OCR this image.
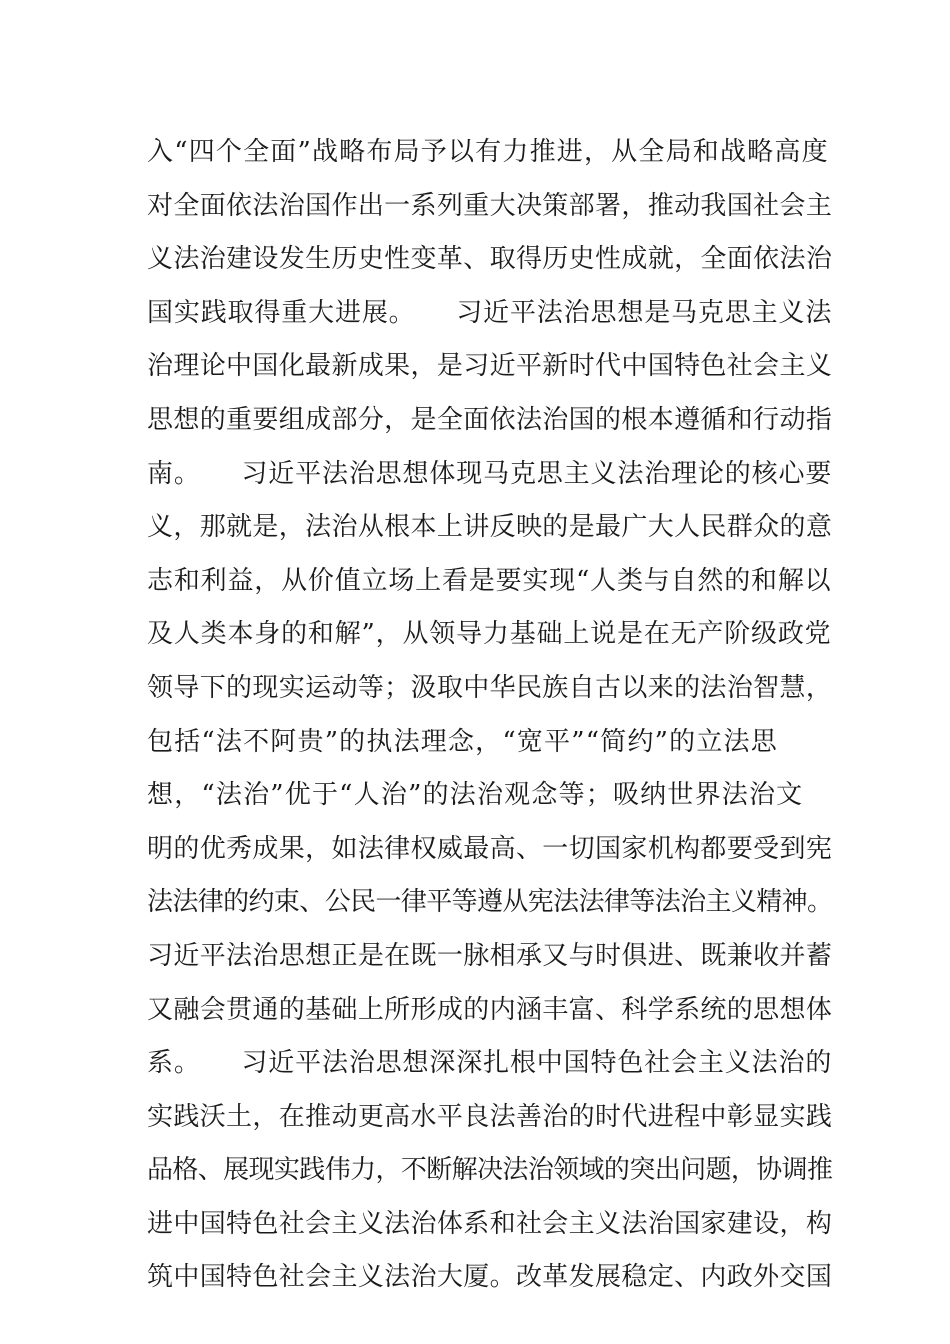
入“四个全面”战略布局予以有力推进，从全局和战略高度
对全面依法治国作出一系列重大决策部署，推动我国社会主
义法治建设发生历史性变革、取得历史性成就，全面依法治
国实践取得重大进展。　　习近平法治思想是马克思主义法
治理论中国化最新成果，是习近平新时代中国特色社会主义
思想的重要组成部分，是全面依法治国的根本遵循和行动指
南。　　习近平法治思想体现马克思主义法治理论的核心要
义，那就是，法治从根本上讲反映的是最广大人民群众的意
志和利益，从价值立场上看是要实现“人类与自然的和解以
及人类本身的和解”，从领导力基础上说是在无产阶级政党
领导下的现实运动等；汲取中华民族自古以来的法治智慧，
包括“法不阿贵”的执法理念，“宽平”“简约”的立法思
想，“法治”优于“人治”的法治观念等；吸纳世界法治文
明的优秀成果，如法律权威最高、一切国家机构都要受到宪
法法律的约束、公民一律平等遵从宪法法律等法治主义精神。
习近平法治思想正是在既一脉相承又与时俱进、既兼收并蓄
又融会贯通的基础上所形成的内涵丰富、科学系统的思想体
系。　　习近平法治思想深深扎根中国特色社会主义法治的
实践沃土，在推动更高水平良法善治的时代进程中彰显实践
品格、展现实践伟力，不断解决法治领域的突出问题，协调推
进中国特色社会主义法治体系和社会主义法治国家建设，构
筑中国特色社会主义法治大厦。改革发展稳定、内政外交国
